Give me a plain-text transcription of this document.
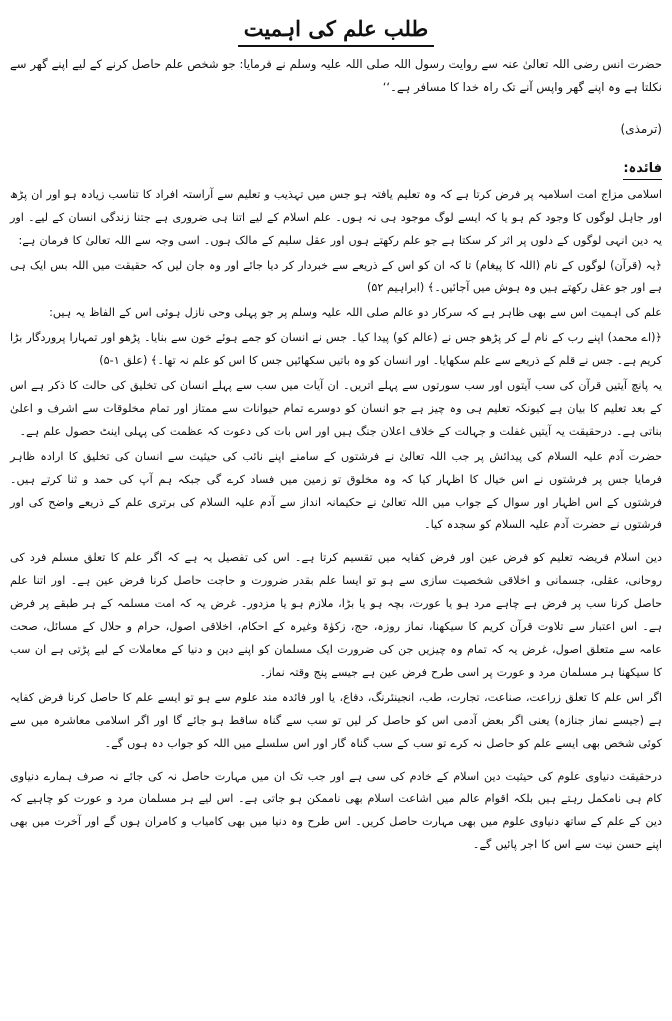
طلب علم کی اہمیت

حضرت انس رضی اللہ تعالیٰ عنہ سے روایت رسول اللہ صلی اللہ علیہ وسلم نے فرمایا: جو شخص علم حاصل کرنے کے لیے اپنے گھر سے نکلتا ہے وہ اپنے گھر واپس آنے تک راہ خدا کا مسافر ہے۔‘‘

(ترمذی)

فائدہ:

اسلامی مزاج امت اسلامیہ پر فرض کرتا ہے کہ وہ تعلیم یافتہ ہو جس میں تہذیب و تعلیم سے آراستہ افراد کا تناسب زیادہ ہو اور ان پڑھ اور جاہل لوگوں کا وجود کم ہو یا کہ ایسے لوگ موجود ہی نہ ہوں۔ علم اسلام کے لیے اتنا ہی ضروری ہے جتنا زندگی انسان کے لیے۔ اور یہ دین انہی لوگوں کے دلوں پر اثر کر سکتا ہے جو علم رکھتے ہوں اور عقل سلیم کے مالک ہوں۔ اسی وجہ سے اللہ تعالیٰ کا فرمان ہے:

﴿یہ (قرآن) لوگوں کے نام (اللہ کا پیغام) تا کہ ان کو اس کے ذریعے سے خبردار کر دیا جائے اور وہ جان لیں کہ حقیقت میں اللہ بس ایک ہی ہے اور جو عقل رکھتے ہیں وہ ہوش میں آجائیں۔﴾ (ابراہیم ۵۲)

علم کی اہمیت اس سے بھی ظاہر ہے کہ سرکار دو عالم صلی اللہ علیہ وسلم پر جو پہلی وحی نازل ہوئی اس کے الفاظ یہ ہیں:

﴿(اے محمد) اپنے رب کے نام لے کر پڑھو جس نے (عالم کو) پیدا کیا۔ جس نے انسان کو جمے ہوئے خون سے بنایا۔ پڑھو اور تمہارا پروردگار بڑا کریم ہے۔ جس نے قلم کے ذریعے سے علم سکھایا۔ اور انسان کو وہ باتیں سکھائیں جس کا اس کو علم نہ تھا۔﴾ (علق ۱-۵)

یہ پانچ آیتیں قرآن کی سب آیتوں اور سب سورتوں سے پہلے اتریں۔ ان آیات میں سب سے پہلے انسان کی تخلیق کی حالت کا ذکر ہے اس کے بعد تعلیم کا بیان ہے کیونکہ تعلیم ہی وہ چیز ہے جو انسان کو دوسرے تمام حیوانات سے ممتاز اور تمام مخلوقات سے اشرف و اعلیٰ بناتی ہے۔ درحقیقت یہ آیتیں غفلت و جہالت کے خلاف اعلان جنگ ہیں اور اس بات کی دعوت کہ عظمت کی پہلی اینٹ حصول علم ہے۔

حضرت آدم علیہ السلام کی پیدائش پر جب اللہ تعالیٰ نے فرشتوں کے سامنے اپنے نائب کی حیثیت سے انسان کی تخلیق کا ارادہ ظاہر فرمایا جس پر فرشتوں نے اس خیال کا اظہار کیا کہ وہ مخلوق تو زمین میں فساد کرے گی جبکہ ہم آپ کی حمد و ثنا کرتے ہیں۔ فرشتوں کے اس اظہار اور سوال کے جواب میں اللہ تعالیٰ نے حکیمانہ انداز سے آدم علیہ السلام کی برتری علم کے ذریعے واضح کی اور فرشتوں نے حضرت آدم علیہ السلام کو سجدہ کیا۔

دین اسلام فریضہ تعلیم کو فرض عین اور فرض کفایہ میں تقسیم کرتا ہے۔ اس کی تفصیل یہ ہے کہ اگر علم کا تعلق مسلم فرد کی روحانی، عقلی، جسمانی و اخلاقی شخصیت سازی سے ہو تو ایسا علم بقدر ضرورت و حاجت حاصل کرنا فرض عین ہے۔ اور اتنا علم حاصل کرنا سب پر فرض ہے چاہے مرد ہو یا عورت، بچہ ہو یا بڑا، ملازم ہو یا مزدور۔ غرض یہ کہ امت مسلمہ کے ہر طبقے پر فرض ہے۔ اس اعتبار سے تلاوت قرآن کریم کا سیکھنا، نماز روزہ، حج، زکوٰۃ وغیرہ کے احکام، اخلاقی اصول، حرام و حلال کے مسائل، صحت عامہ سے متعلق اصول، غرض یہ کہ تمام وہ چیزیں جن کی ضرورت ایک مسلمان کو اپنے دین و دنیا کے معاملات کے لیے پڑتی ہے ان سب کا سیکھنا ہر مسلمان مرد و عورت پر اسی طرح فرض عین ہے جیسے پنج وقتہ نماز۔

اگر اس علم کا تعلق زراعت، صناعت، تجارت، طب، انجینئرنگ، دفاع، یا اور فائدہ مند علوم سے ہو تو ایسے علم کا حاصل کرنا فرض کفایہ ہے (جیسے نماز جنازہ) یعنی اگر بعض آدمی اس کو حاصل کر لیں تو سب سے گناہ ساقط ہو جائے گا اور اگر اسلامی معاشرہ میں سے کوئی شخص بھی ایسے علم کو حاصل نہ کرے تو سب کے سب گناہ گار اور اس سلسلے میں اللہ کو جواب دہ ہوں گے۔

درحقیقت دنیاوی علوم کی حیثیت دین اسلام کے خادم کی سی ہے اور جب تک ان میں مہارت حاصل نہ کی جائے نہ صرف ہمارے دنیاوی کام ہی نامکمل رہتے ہیں بلکہ اقوام عالم میں اشاعت اسلام بھی ناممکن ہو جاتی ہے۔ اس لیے ہر مسلمان مرد و عورت کو چاہیے کہ دین کے علم کے ساتھ دنیاوی علوم میں بھی مہارت حاصل کریں۔ اس طرح وہ دنیا میں بھی کامیاب و کامران ہوں گے اور آخرت میں بھی اپنے حسن نیت سے اس کا اجر پائیں گے۔
